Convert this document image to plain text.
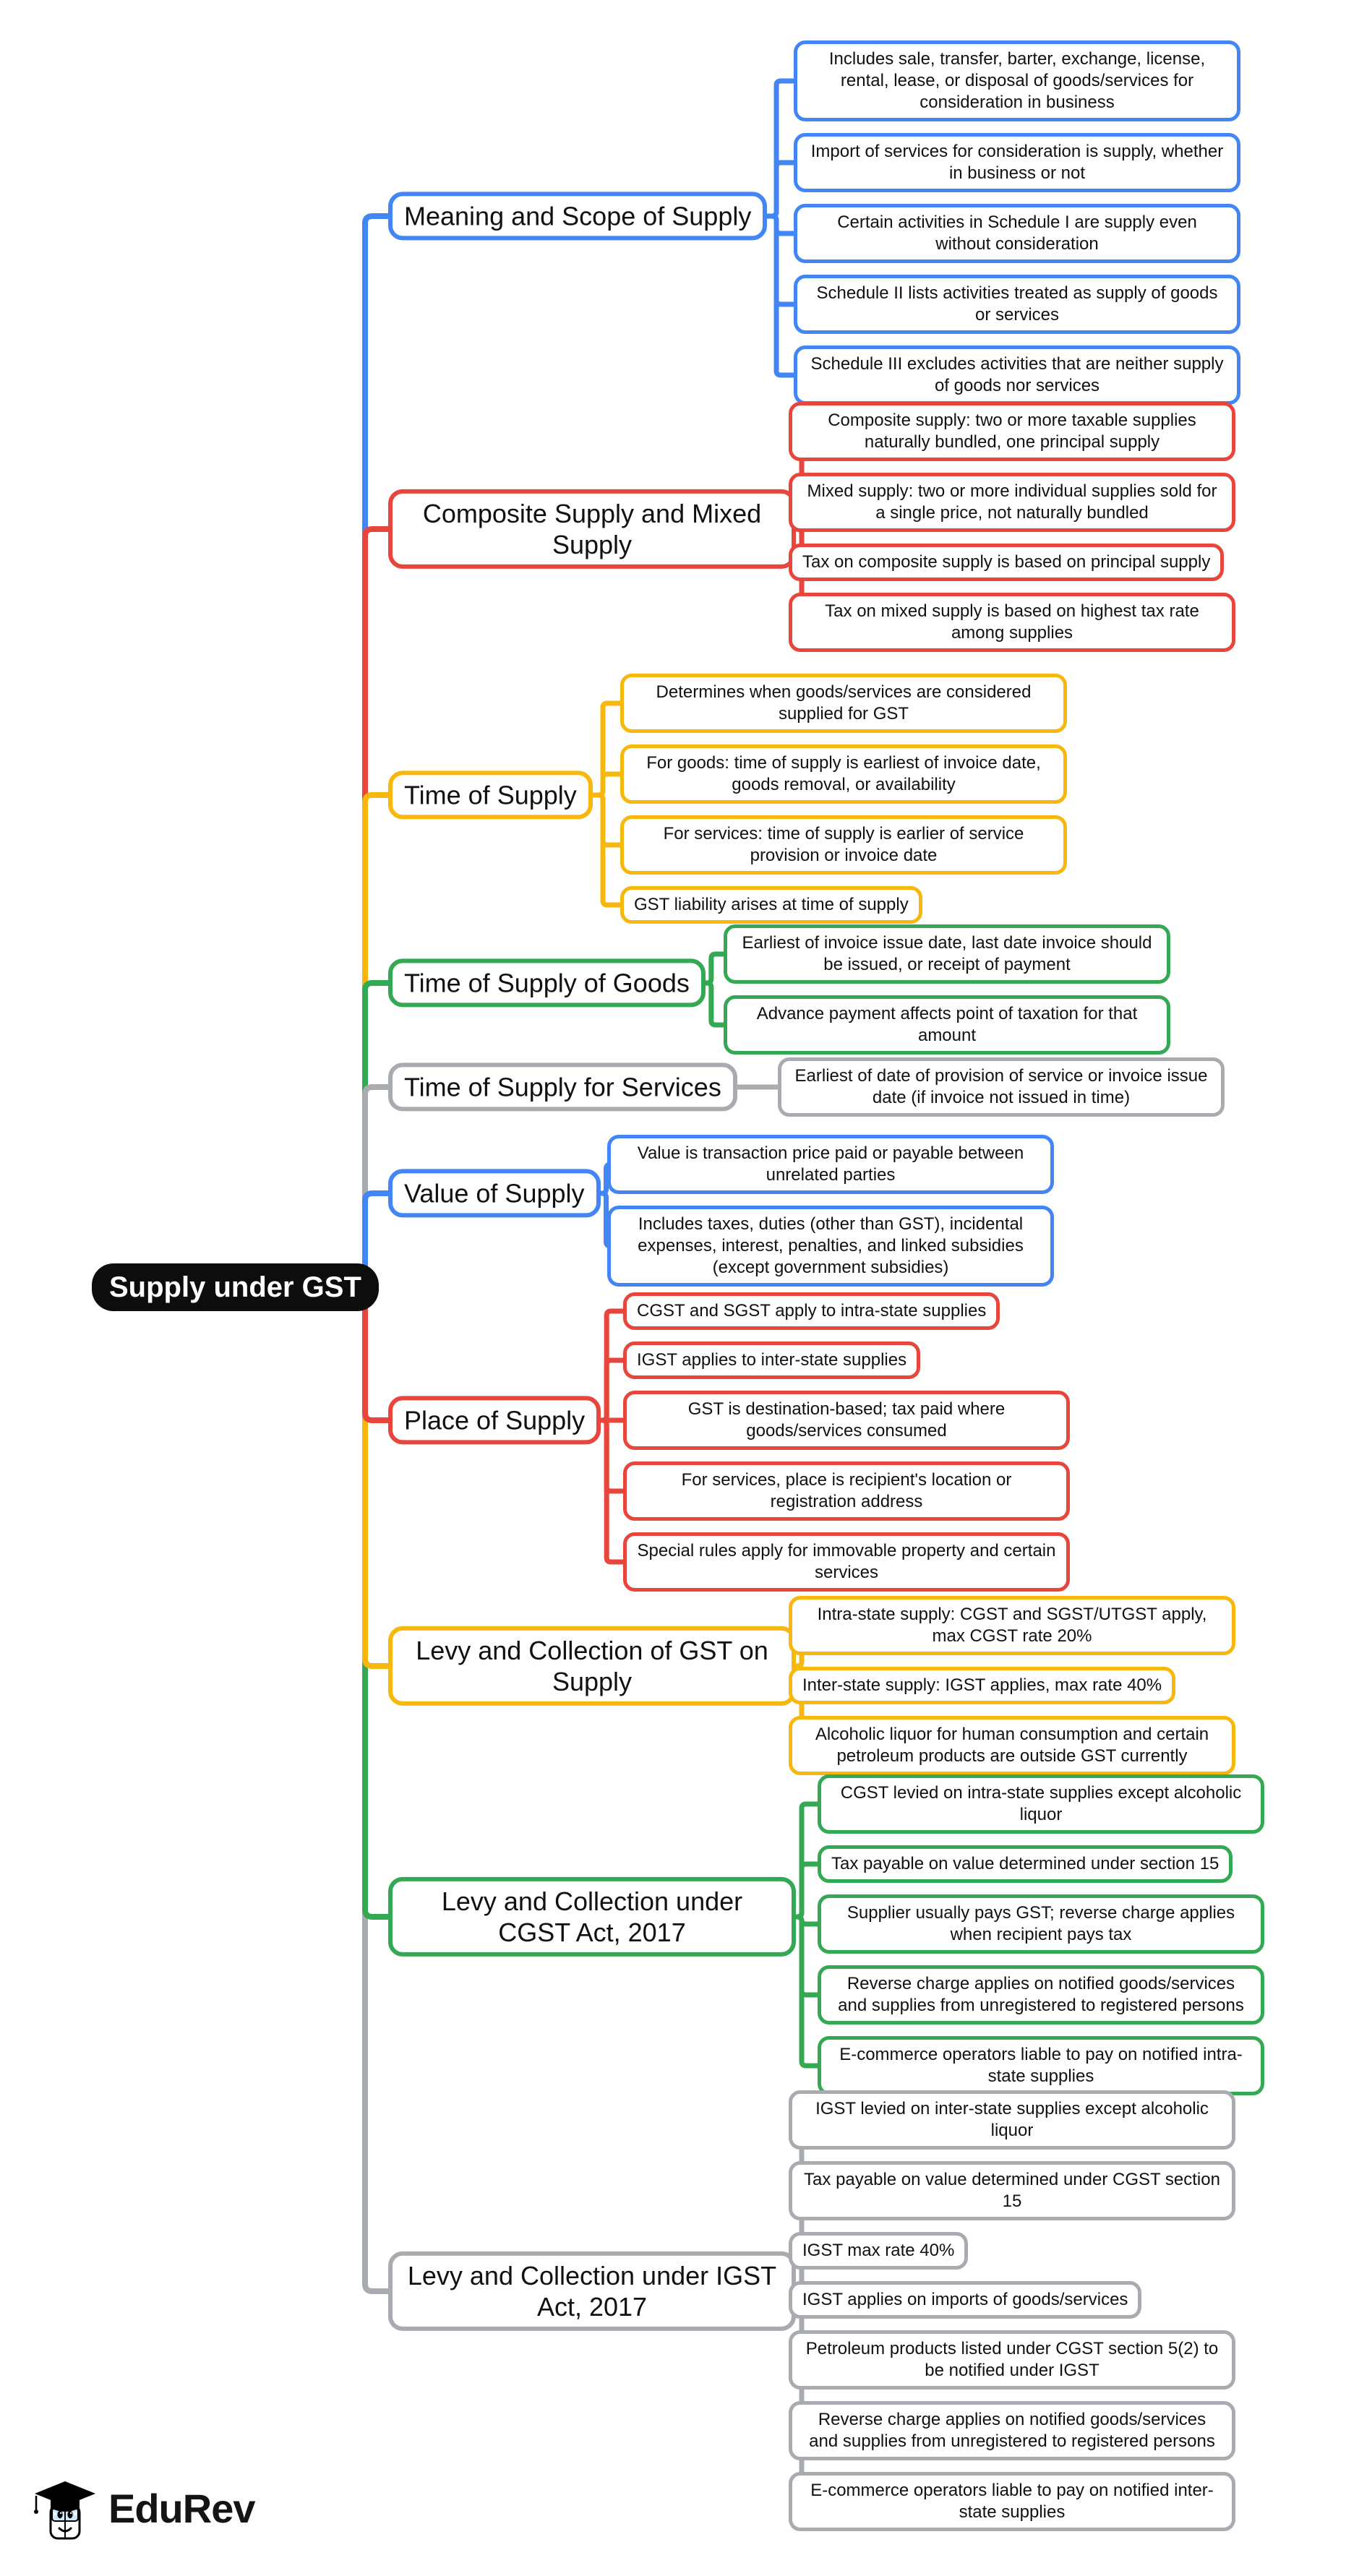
Supply under GST
Meaning and Scope of Supply
Includes sale, transfer, barter, exchange, license, rental, lease, or disposal of goods/services for consideration in business
Import of services for consideration is supply, whether in business or not
Certain activities in Schedule I are supply even without consideration
Schedule II lists activities treated as supply of goods or services
Schedule III excludes activities that are neither supply of goods nor services
Composite Supply and Mixed Supply
Composite supply: two or more taxable supplies naturally bundled, one principal supply
Mixed supply: two or more individual supplies sold for a single price, not naturally bundled
Tax on composite supply is based on principal supply
Tax on mixed supply is based on highest tax rate among supplies
Time of Supply
Determines when goods/services are considered supplied for GST
For goods: time of supply is earliest of invoice date, goods removal, or availability
For services: time of supply is earlier of service provision or invoice date
GST liability arises at time of supply
Time of Supply of Goods
Earliest of invoice issue date, last date invoice should be issued, or receipt of payment
Advance payment affects point of taxation for that amount
Time of Supply for Services	Earliest of date of provision of service or invoice issue date (if invoice not issued in time)
Value of Supply
Value is transaction price paid or payable between unrelated parties
Includes taxes, duties (other than GST), incidental expenses, interest, penalties, and linked subsidies (except government subsidies)
Place of Supply
CGST and SGST apply to intra-state supplies
IGST applies to inter-state supplies
GST is destination-based; tax paid where goods/services consumed
For services, place is recipient's location or registration address
Special rules apply for immovable property and certain services
Levy and Collection of GST on Supply
Intra-state supply: CGST and SGST/UTGST apply, max CGST rate 20%
Inter-state supply: IGST applies, max rate 40%
Alcoholic liquor for human consumption and certain petroleum products are outside GST currently
Levy and Collection under CGST Act, 2017
CGST levied on intra-state supplies except alcoholic liquor
Tax payable on value determined under section 15
Supplier usually pays GST; reverse charge applies when recipient pays tax
Reverse charge applies on notified goods/services and supplies from unregistered to registered persons
E-commerce operators liable to pay on notified intra-state supplies
Levy and Collection under IGST Act, 2017
IGST levied on inter-state supplies except alcoholic liquor
Tax payable on value determined under CGST section 15
IGST max rate 40%
IGST applies on imports of goods/services
Petroleum products listed under CGST section 5(2) to be notified under IGST
Reverse charge applies on notified goods/services and supplies from unregistered to registered persons
E-commerce operators liable to pay on notified inter-state supplies
EduRev
